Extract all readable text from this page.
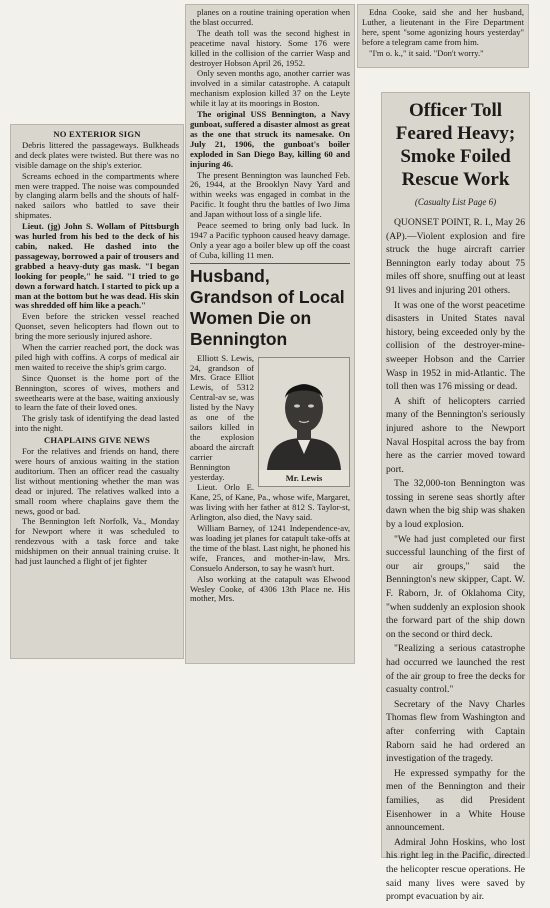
Edna Cooke, said she and her husband, Luther, a lieutenant in the Fire Department here, spent "some agonizing hours yesterday" before a telegram came from him.

"I'm o. k.," it said. "Don't worry."

planes on a routine training operation when the blast occurred.

The death toll was the second highest in peacetime naval history. Some 176 were killed in the collision of the carrier Wasp and destroyer Hobson April 26, 1952.

Only seven months ago, another carrier was involved in a similar catastrophe. A catapult mechanism explosion killed 37 on the Leyte while it lay at its moorings in Boston.

The original USS Bennington, a Navy gunboat, suffered a disaster almost as great as the one that struck its namesake. On July 21, 1906, the gunboat's boiler exploded in San Diego Bay, killing 60 and injuring 46.

The present Bennington was launched Feb. 26, 1944, at the Brooklyn Navy Yard and within weeks was engaged in combat in the Pacific. It fought thru the battles of Iwo Jima and Japan without loss of a single life.

Peace seemed to bring only bad luck. In 1947 a Pacific typhoon caused heavy damage. Only a year ago a boiler blew up off the coast of Cuba, killing 11 men.

Husband, Grandson of Local Women Die on Bennington
Mr. Lewis

Elliott S. Lewis, 24, grandson of Mrs. Grace Elliot Lewis, of 5312 Central-av se, was listed by the Navy as one of the sailors killed in the explosion aboard the aircraft carrier Bennington yesterday.

Lieut. Orlo E. Kane, 25, of Kane, Pa., whose wife, Margaret, was living with her father at 812 S. Taylor-st, Arlington, also died, the Navy said.

William Barney, of 1241 Independence-av, was loading jet planes for catapult take-offs at the time of the blast. Last night, he phoned his wife, Frances, and mother-in-law, Mrs. Consuelo Anderson, to say he wasn't hurt.

Also working at the catapult was Elwood Wesley Cooke, of 4306 13th Place ne. His mother, Mrs.

NO EXTERIOR SIGN

Debris littered the passageways. Bulkheads and deck plates were twisted. But there was no visible damage on the ship's exterior.

Screams echoed in the compartments where men were trapped. The noise was compounded by clanging alarm bells and the shouts of half-naked sailors who battled to save their shipmates.

Lieut. (jg) John S. Wollam of Pittsburgh was hurled from his bed to the deck of his cabin, naked. He dashed into the passageway, borrowed a pair of trousers and grabbed a heavy-duty gas mask. "I began looking for people," he said. "I tried to go down a forward hatch. I started to pick up a man at the bottom but he was dead. His skin was shredded off him like a peach."

Even before the stricken vessel reached Quonset, seven helicopters had flown out to bring the more seriously injured ashore.

When the carrier reached port, the dock was piled high with coffins. A corps of medical air men waited to receive the ship's grim cargo.

Since Quonset is the home port of the Bennington, scores of wives, mothers and sweethearts were at the base, waiting anxiously to learn the fate of their loved ones.

The grisly task of identifying the dead lasted into the night.

CHAPLAINS GIVE NEWS

For the relatives and friends on hand, there were hours of anxious waiting in the station auditorium. Then an officer read the casualty list without mentioning whether the man was dead or injured. The relatives walked into a small room where chaplains gave them the news, good or bad.

The Bennington left Norfolk, Va., Monday for Newport where it was scheduled to rendezvous with a task force and take midshipmen on their annual training cruise. It had just launched a flight of jet fighter

Officer Toll Feared Heavy; Smoke Foiled Rescue Work
(Casualty List Page 6)

QUONSET POINT, R. I., May 26 (AP).—Violent explosion and fire struck the huge aircraft carrier Bennington early today about 75 miles off shore, snuffing out at least 91 lives and injuring 201 others.

It was one of the worst peacetime disasters in United States naval history, being exceeded only by the collision of the destroyer-mine-sweeper Hobson and the Carrier Wasp in 1952 in mid-Atlantic. The toll then was 176 missing or dead.

A shift of helicopters carried many of the Bennington's seriously injured ashore to the Newport Naval Hospital across the bay from here as the carrier moved toward port.

The 32,000-ton Bennington was tossing in serene seas shortly after dawn when the big ship was shaken by a loud explosion.

"We had just completed our first successful launching of the first of our air groups," said the Bennington's new skipper, Capt. W. F. Raborn, Jr. of Oklahoma City, "when suddenly an explosion shook the forward part of the ship down on the second or third deck.

"Realizing a serious catastrophe had occurred we launched the rest of the air group to free the decks for casualty control."

Secretary of the Navy Charles Thomas flew from Washington and after conferring with Captain Raborn said he had ordered an investigation of the tragedy.

He expressed sympathy for the men of the Bennington and their families, as did President Eisenhower in a White House announcement.

Admiral John Hoskins, who lost his right leg in the Pacific, directed the helicopter rescue operations. He said many lives were saved by prompt evacuation by air.
